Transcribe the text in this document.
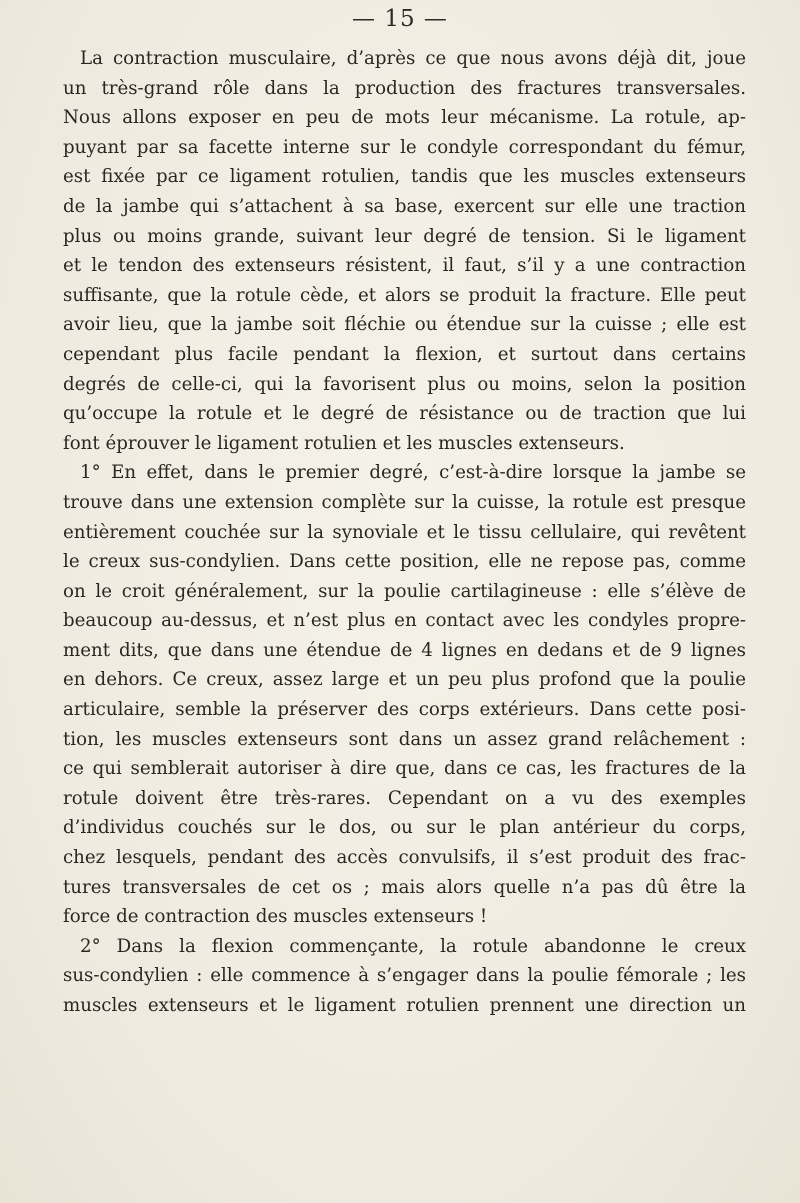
— 15 —
La contraction musculaire, d’après ce que nous avons déjà dit, joue
un très-grand rôle dans la production des fractures transversales.
Nous allons exposer en peu de mots leur mécanisme. La rotule, ap-
puyant par sa facette interne sur le condyle correspondant du fémur,
est fixée par ce ligament rotulien, tandis que les muscles extenseurs
de la jambe qui s’attachent à sa base, exercent sur elle une traction
plus ou moins grande, suivant leur degré de tension. Si le ligament
et le tendon des extenseurs résistent, il faut, s’il y a une contraction
suffisante, que la rotule cède, et alors se produit la fracture. Elle peut
avoir lieu, que la jambe soit fléchie ou étendue sur la cuisse ; elle est
cependant plus facile pendant la flexion, et surtout dans certains
degrés de celle-ci, qui la favorisent plus ou moins, selon la position
qu’occupe la rotule et le degré de résistance ou de traction que lui
font éprouver le ligament rotulien et les muscles extenseurs.
1° En effet, dans le premier degré, c’est-à-dire lorsque la jambe se
trouve dans une extension complète sur la cuisse, la rotule est presque
entièrement couchée sur la synoviale et le tissu cellulaire, qui revêtent
le creux sus-condylien. Dans cette position, elle ne repose pas, comme
on le croit généralement, sur la poulie cartilagineuse : elle s’élève de
beaucoup au-dessus, et n’est plus en contact avec les condyles propre-
ment dits, que dans une étendue de 4 lignes en dedans et de 9 lignes
en dehors. Ce creux, assez large et un peu plus profond que la poulie
articulaire, semble la préserver des corps extérieurs. Dans cette posi-
tion, les muscles extenseurs sont dans un assez grand relâchement :
ce qui semblerait autoriser à dire que, dans ce cas, les fractures de la
rotule doivent être très-rares. Cependant on a vu des exemples
d’individus couchés sur le dos, ou sur le plan antérieur du corps,
chez lesquels, pendant des accès convulsifs, il s’est produit des frac-
tures transversales de cet os ; mais alors quelle n’a pas dû être la
force de contraction des muscles extenseurs !
2° Dans la flexion commençante, la rotule abandonne le creux
sus-condylien : elle commence à s’engager dans la poulie fémorale ; les
muscles extenseurs et le ligament rotulien prennent une direction un
